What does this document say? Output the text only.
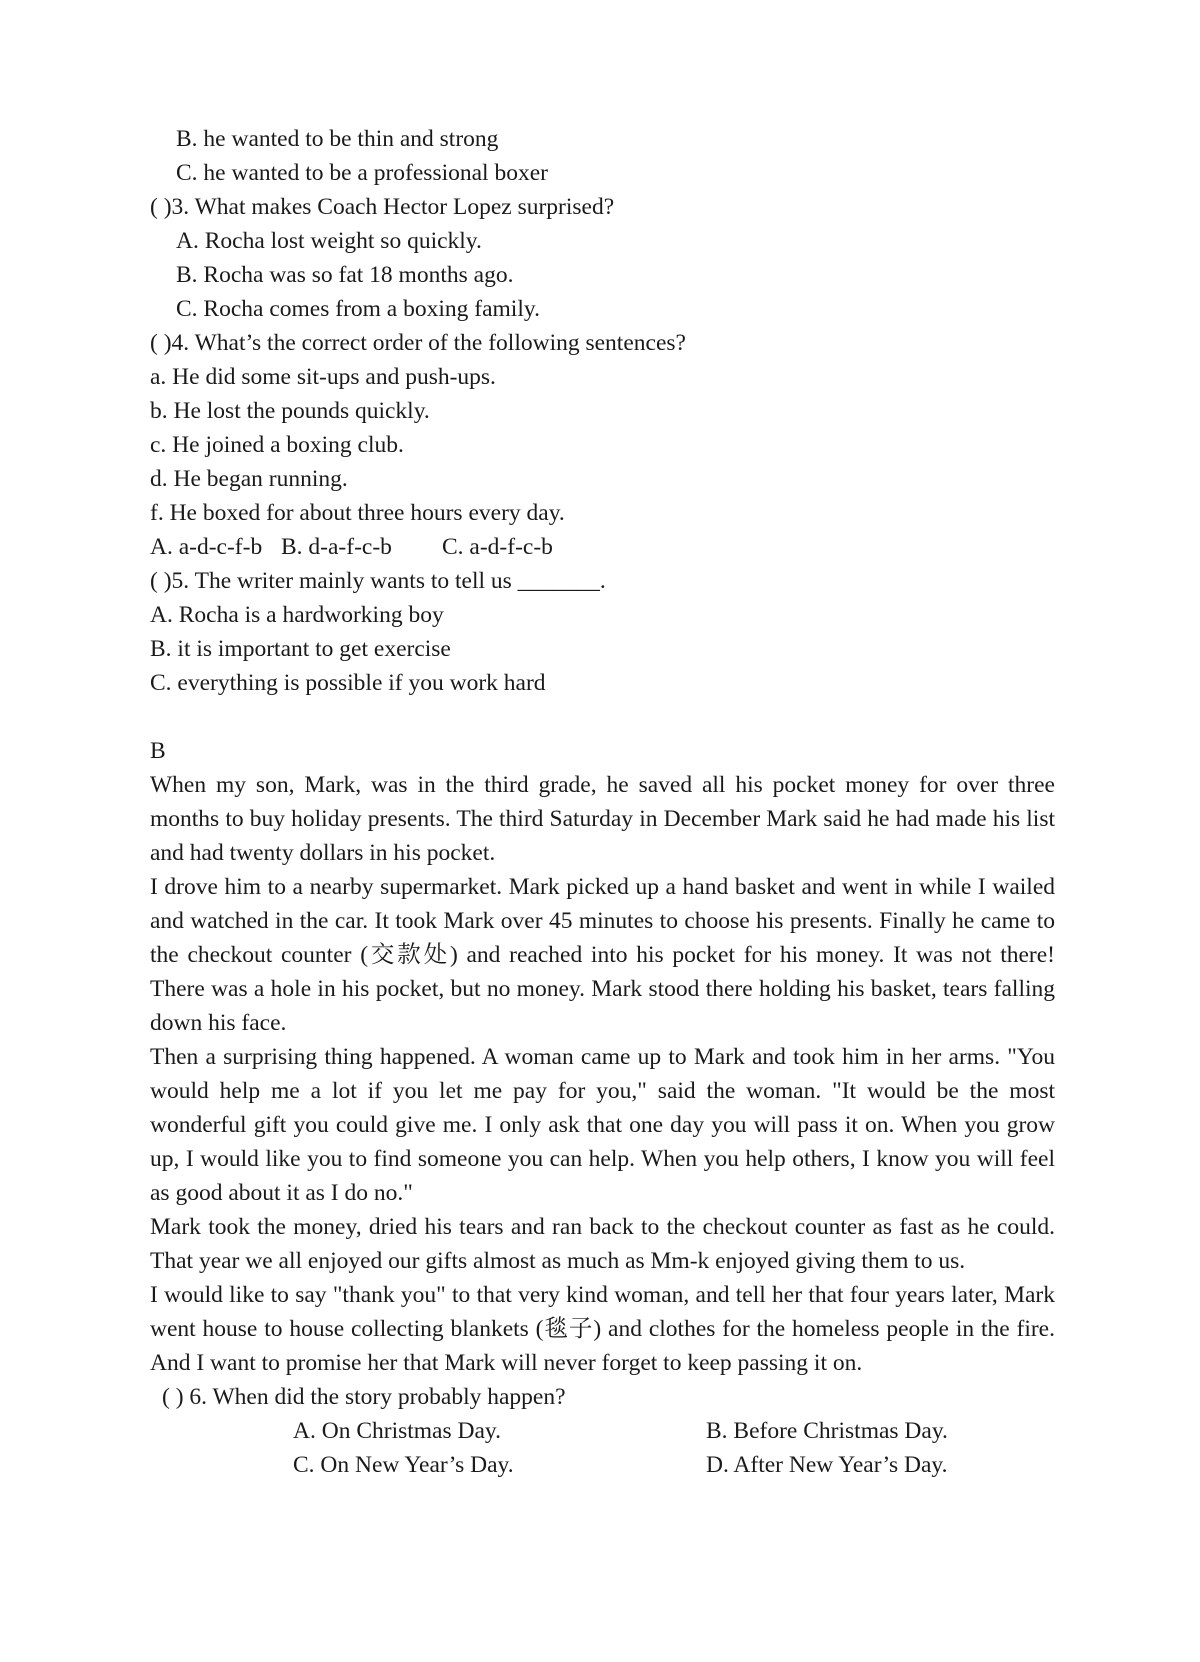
B. he wanted to be thin and strong
C. he wanted to be a professional boxer
( )3. What makes Coach Hector Lopez surprised?
A. Rocha lost weight so quickly.
B. Rocha was so fat 18 months ago.
C. Rocha comes from a boxing family.
( )4. What’s the correct order of the following sentences?
a. He did some sit-ups and push-ups.
b. He lost the pounds quickly.
c. He joined a boxing club.
d. He began running.
f. He boxed for about three hours every day.
A. a-d-c-f-b B. d-a-f-c-b C. a-d-f-c-b
( )5. The writer mainly wants to tell us _______.
A. Rocha is a hardworking boy
B. it is important to get exercise
C. everything is possible if you work hard
B

When my son, Mark, was in the third grade, he saved all his pocket money for over three months to buy holiday presents. The third Saturday in December Mark said he had made his list and had twenty dollars in his pocket.

I drove him to a nearby supermarket. Mark picked up a hand basket and went in while I wailed and watched in the car. It took Mark over 45 minutes to choose his presents. Finally he came to the checkout counter (交款处) and reached into his pocket for his money. It was not there! There was a hole in his pocket, but no money. Mark stood there holding his basket, tears falling down his face.

Then a surprising thing happened. A woman came up to Mark and took him in her arms. "You would help me a lot if you let me pay for you," said the woman. "It would be the most wonderful gift you could give me. I only ask that one day you will pass it on. When you grow up, I would like you to find someone you can help. When you help others, I know you will feel as good about it as I do no."

Mark took the money, dried his tears and ran back to the checkout counter as fast as he could. That year we all enjoyed our gifts almost as much as Mm-k enjoyed giving them to us.

I would like to say "thank you" to that very kind woman, and tell her that four years later, Mark went house to house collecting blankets (毯子) and clothes for the homeless people in the fire. And I want to promise her that Mark will never forget to keep passing it on.

( ) 6. When did the story probably happen?
A. On Christmas Day.	B. Before Christmas Day.
C. On New Year’s Day.	D. After New Year’s Day.
